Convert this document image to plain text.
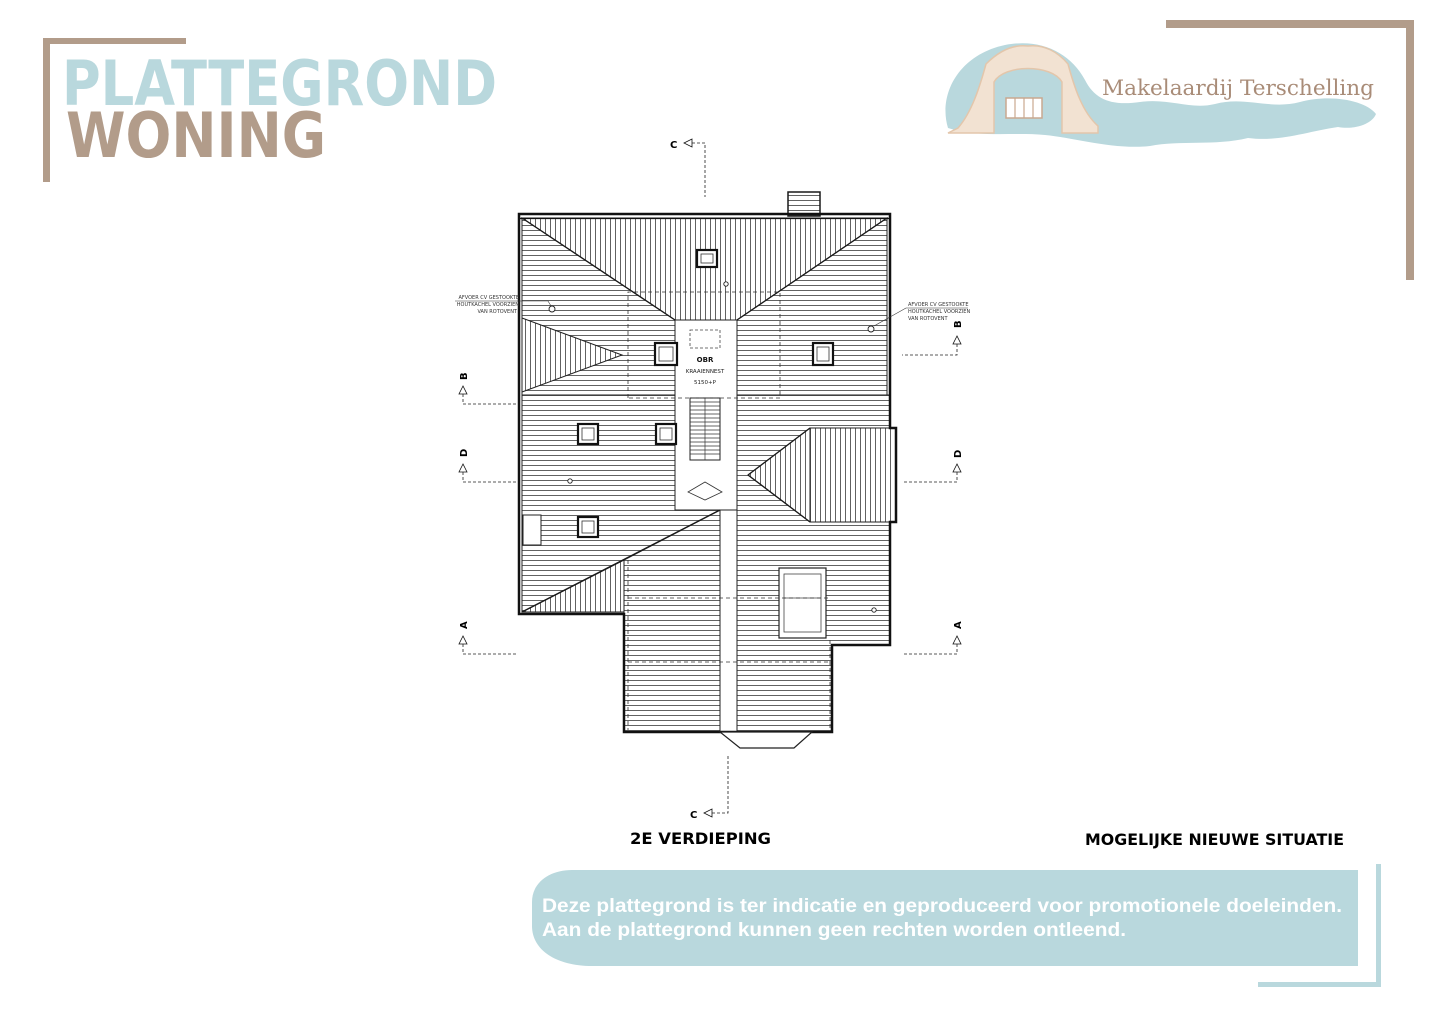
PLATTEGROND
WONING
Makelaardij Terschelling
OBR
KRAAIENNEST
5150+P
AFVOER CV GESTOOKTE
HOUTKACHEL VOORZIEN
VAN ROTOVENT
AFVOER CV GESTOOKTE
HOUTKACHEL VOORZIEN
VAN ROTOVENT
C
C
B
D
A
B
D
A
2E VERDIEPING	MOGELIJKE NIEUWE SITUATIE
Deze plattegrond is ter indicatie en geproduceerd voor promotionele doeleinden.
Aan de plattegrond kunnen geen rechten worden ontleend.
